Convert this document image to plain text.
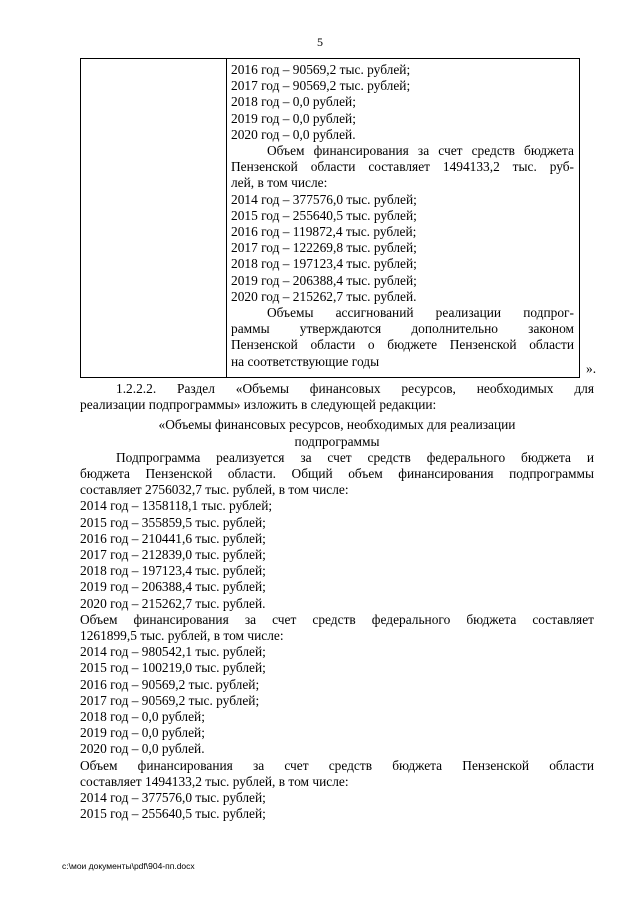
5
2016 год – 90569,2 тыс. рублей;
2017 год – 90569,2 тыс. рублей;
2018 год – 0,0 рублей;
2019 год – 0,0 рублей;
2020 год – 0,0 рублей.
Объем финансирования за счет средств бюджета
Пензенской области составляет 1494133,2 тыс. руб-
лей, в том числе:
2014 год – 377576,0 тыс. рублей;
2015 год – 255640,5 тыс. рублей;
2016 год – 119872,4 тыс. рублей;
2017 год – 122269,8 тыс. рублей;
2018 год – 197123,4 тыс. рублей;
2019 год – 206388,4 тыс. рублей;
2020 год – 215262,7 тыс. рублей.
Объемы ассигнований реализации подпрог-
раммы утверждаются дополнительно законом
Пензенской области о бюджете Пензенской области
на соответствующие годы	».
1.2.2.2. Раздел «Объемы финансовых ресурсов, необходимых для
реализации подпрограммы» изложить в следующей редакции:
«Объемы финансовых ресурсов, необходимых для реализации
подпрограммы
Подпрограмма реализуется за счет средств федерального бюджета и
бюджета Пензенской области. Общий объем финансирования подпрограммы
составляет 2756032,7 тыс. рублей, в том числе:
2014 год – 1358118,1 тыс. рублей;
2015 год – 355859,5 тыс. рублей;
2016 год – 210441,6 тыс. рублей;
2017 год – 212839,0 тыс. рублей;
2018 год – 197123,4 тыс. рублей;
2019 год – 206388,4 тыс. рублей;
2020 год – 215262,7 тыс. рублей.
Объем финансирования за счет средств федерального бюджета составляет
1261899,5 тыс. рублей, в том числе:
2014 год – 980542,1 тыс. рублей;
2015 год – 100219,0 тыс. рублей;
2016 год – 90569,2 тыс. рублей;
2017 год – 90569,2 тыс. рублей;
2018 год – 0,0 рублей;
2019 год – 0,0 рублей;
2020 год – 0,0 рублей.
Объем финансирования за счет средств бюджета Пензенской области
составляет 1494133,2 тыс. рублей, в том числе:
2014 год – 377576,0 тыс. рублей;
2015 год – 255640,5 тыс. рублей;
c:\мои документы\pdf\904-пп.docx
